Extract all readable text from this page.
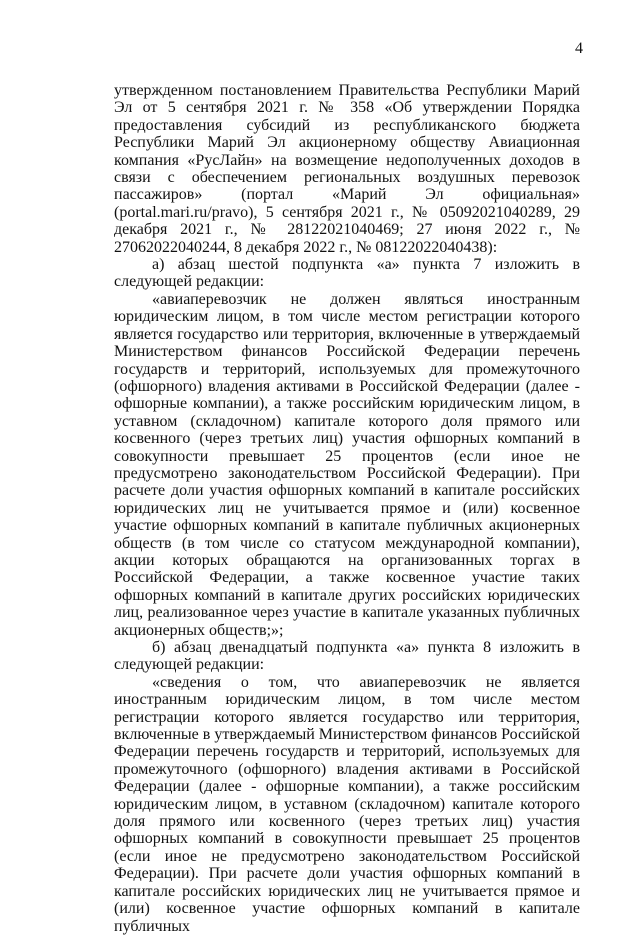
4

утвержденном постановлением Правительства Республики Марий Эл от 5 сентября 2021 г. № 358 «Об утверждении Порядка предоставления субсидий из республиканского бюджета Республики Марий Эл акционерному обществу Авиационная компания «РусЛайн» на возмещение недополученных доходов в связи с обеспечением региональных воздушных перевозок пассажиров» (портал «Марий Эл официальная» (portal.mari.ru/pravo), 5 сентября 2021 г., № 05092021040289, 29 декабря 2021 г., № 28122021040469; 27 июня 2022 г., № 27062022040244, 8 декабря 2022 г., № 08122022040438):

а) абзац шестой подпункта «а» пункта 7 изложить в следующей редакции:

«авиаперевозчик не должен являться иностранным юридическим лицом, в том числе местом регистрации которого является государство или территория, включенные в утверждаемый Министерством финансов Российской Федерации перечень государств и территорий, используемых для промежуточного (офшорного) владения активами в Российской Федерации (далее - офшорные компании), а также российским юридическим лицом, в уставном (складочном) капитале которого доля прямого или косвенного (через третьих лиц) участия офшорных компаний в совокупности превышает 25 процентов (если иное не предусмотрено законодательством Российской Федерации). При расчете доли участия офшорных компаний в капитале российских юридических лиц не учитывается прямое и (или) косвенное участие офшорных компаний в капитале публичных акционерных обществ (в том числе со статусом международной компании), акции которых обращаются на организованных торгах в Российской Федерации, а также косвенное участие таких офшорных компаний в капитале других российских юридических лиц, реализованное через участие в капитале указанных публичных акционерных обществ;»;

б) абзац двенадцатый подпункта «а» пункта 8 изложить в следующей редакции:

«сведения о том, что авиаперевозчик не является иностранным юридическим лицом, в том числе местом регистрации которого является государство или территория, включенные в утверждаемый Министерством финансов Российской Федерации перечень государств и территорий, используемых для промежуточного (офшорного) владения активами в Российской Федерации (далее - офшорные компании), а также российским юридическим лицом, в уставном (складочном) капитале которого доля прямого или косвенного (через третьих лиц) участия офшорных компаний в совокупности превышает 25 процентов (если иное не предусмотрено законодательством Российской Федерации). При расчете доли участия офшорных компаний в капитале российских юридических лиц не учитывается прямое и (или) косвенное участие офшорных компаний в капитале публичных
